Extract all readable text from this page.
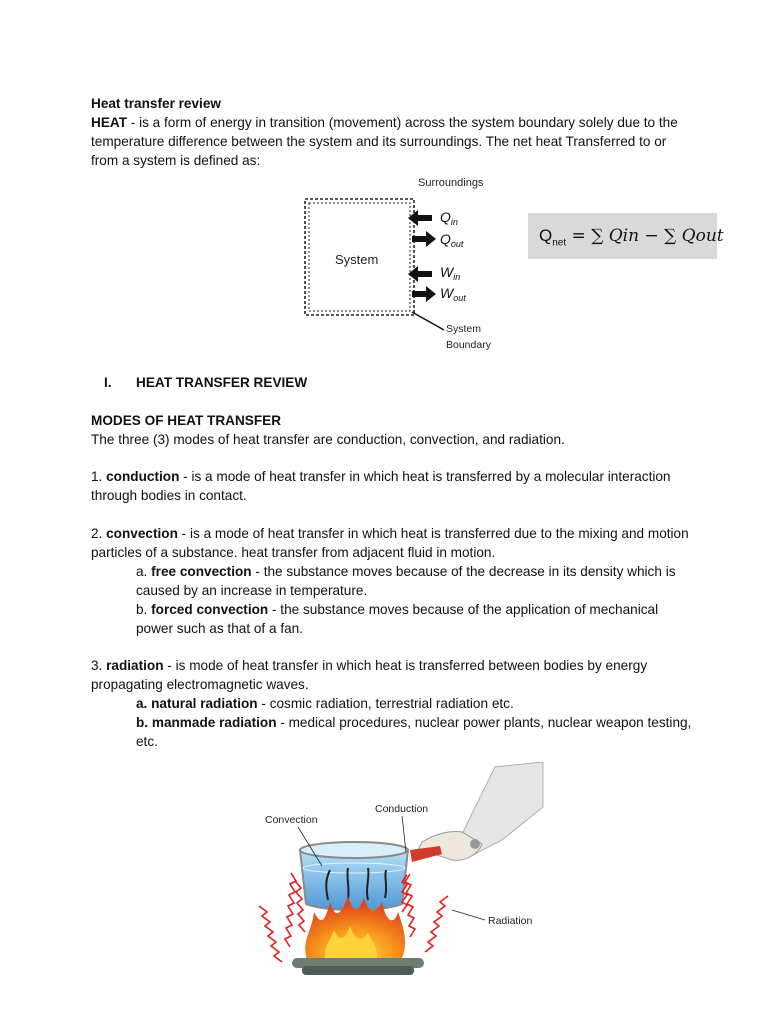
Heat transfer review
HEAT - is a form of energy in transition (movement) across the system boundary solely due to the temperature difference between the system and its surroundings. The net heat Transferred to or from a system is defined as:
Surroundings
System
$Q_{in}$
$Q_{out}$
$W_{in}$
$W_{out}$
System
Boundary
$Q_{net}$ = ∑ Qin − ∑ Qout
I. HEAT TRANSFER REVIEW
MODES OF HEAT TRANSFER
The three (3) modes of heat transfer are conduction, convection, and radiation.
1. conduction - is a mode of heat transfer in which heat is transferred by a molecular interaction through bodies in contact.
2. convection - is a mode of heat transfer in which heat is transferred due to the mixing and motion particles of a substance. heat transfer from adjacent fluid in motion.
a. free convection - the substance moves because of the decrease in its density which is caused by an increase in temperature.
b. forced convection - the substance moves because of the application of mechanical power such as that of a fan.
3. radiation - is mode of heat transfer in which heat is transferred between bodies by energy propagating electromagnetic waves.
a. natural radiation - cosmic radiation, terrestrial radiation etc.
b. manmade radiation - medical procedures, nuclear power plants, nuclear weapon testing, etc.
Convection
Conduction
Radiation
